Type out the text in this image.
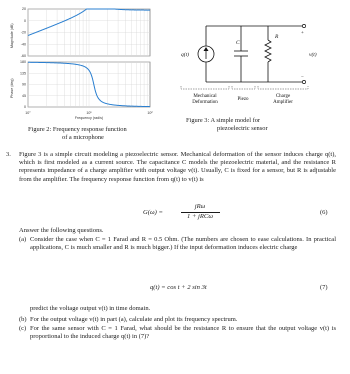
20
0
-20
-40
-60
Magnitude (dB)
180
135
90
45
0
Phase (deg)
10°	10¹	10²
Frequency (rad/s)
Figure 2: Frequency response function
of a microphone
+
−
q(t)
C
R
v(t)
Mechanical
Deformation
Piezo
Charge
Amplifier
Figure 3: A simple model for
piezoelectric sensor
3. Figure 3 is a simple circuit modeling a piezoelectric sensor. Mechanical deformation of the sensor induces charge q(t), which is first modeled as a current source. The capacitance C models the piezoelectric material, and the resistance R represents impedance of a charge amplifier with output voltage v(t). Usually, C is fixed for a sensor, but R is adjustable from the amplifier. The frequency response function from q(t) to v(t) is
G(ω) =
jRω
1 + jRCω
(6)
Answer the following questions.
(a) Consider the case when C = 1 Farad and R = 0.5 Ohm. (The numbers are chosen to ease calculations. In practical applications, C is much smaller and R is much bigger.) If the input deformation induces electric charge
q(t) = cos t + 2 sin 3t	(7)
predict the voltage output v(t) in time domain.
(b) For the output voltage v(t) in part (a), calculate and plot its frequency spectrum.
(c) For the same sensor with C = 1 Farad, what should be the resistance R to ensure that the output voltage v(t) is proportional to the induced charge q(t) in (7)?
